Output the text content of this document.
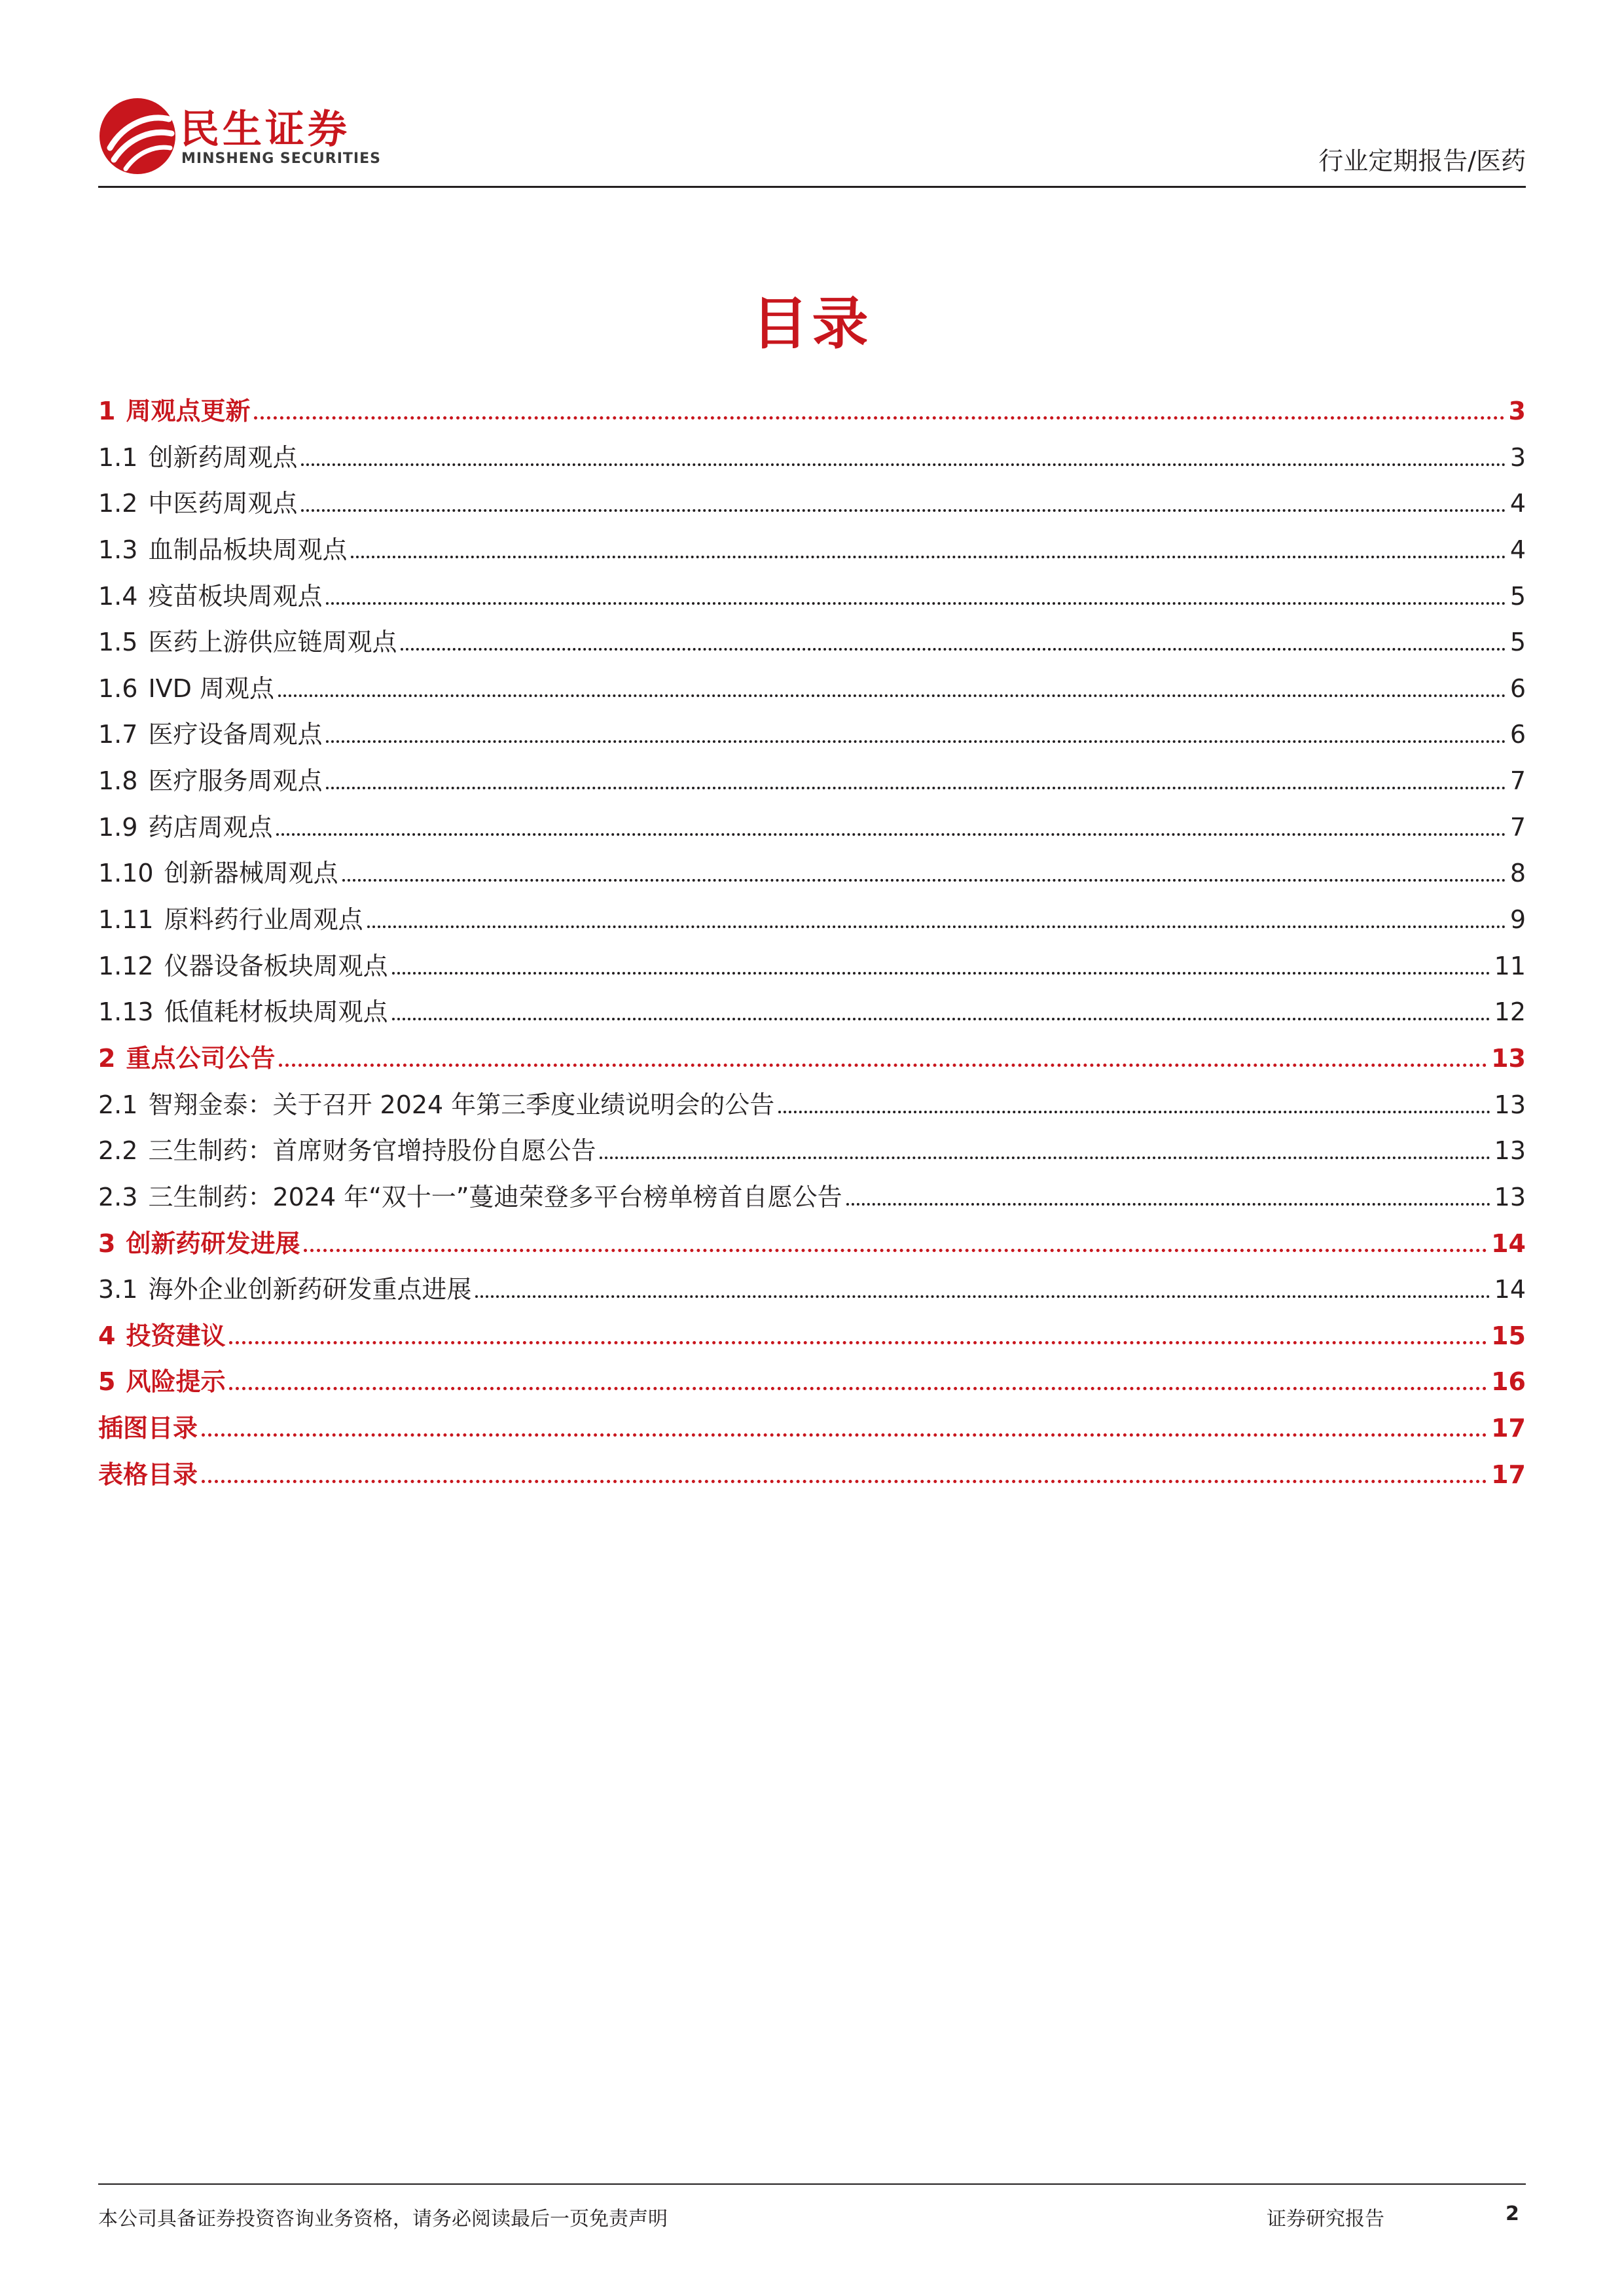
民生证券
MINSHENG SECURITIES	行业定期报告/医药
目录
1 周观点更新	3
1.1 创新药周观点	3
1.2 中医药周观点	4
1.3 血制品板块周观点	4
1.4 疫苗板块周观点	5
1.5 医药上游供应链周观点	5
1.6 IVD 周观点	6
1.7 医疗设备周观点	6
1.8 医疗服务周观点	7
1.9 药店周观点	7
1.10 创新器械周观点	8
1.11 原料药行业周观点	9
1.12 仪器设备板块周观点	11
1.13 低值耗材板块周观点	12
2 重点公司公告	13
2.1 智翔金泰：关于召开 2024 年第三季度业绩说明会的公告	13
2.2 三生制药：首席财务官增持股份自愿公告	13
2.3 三生制药：2024 年“双十一”蔓迪荣登多平台榜单榜首自愿公告	13
3 创新药研发进展	14
3.1 海外企业创新药研发重点进展	14
4 投资建议	15
5 风险提示	16
插图目录	17
表格目录	17
本公司具备证券投资咨询业务资格，请务必阅读最后一页免责声明	证券研究报告	2
